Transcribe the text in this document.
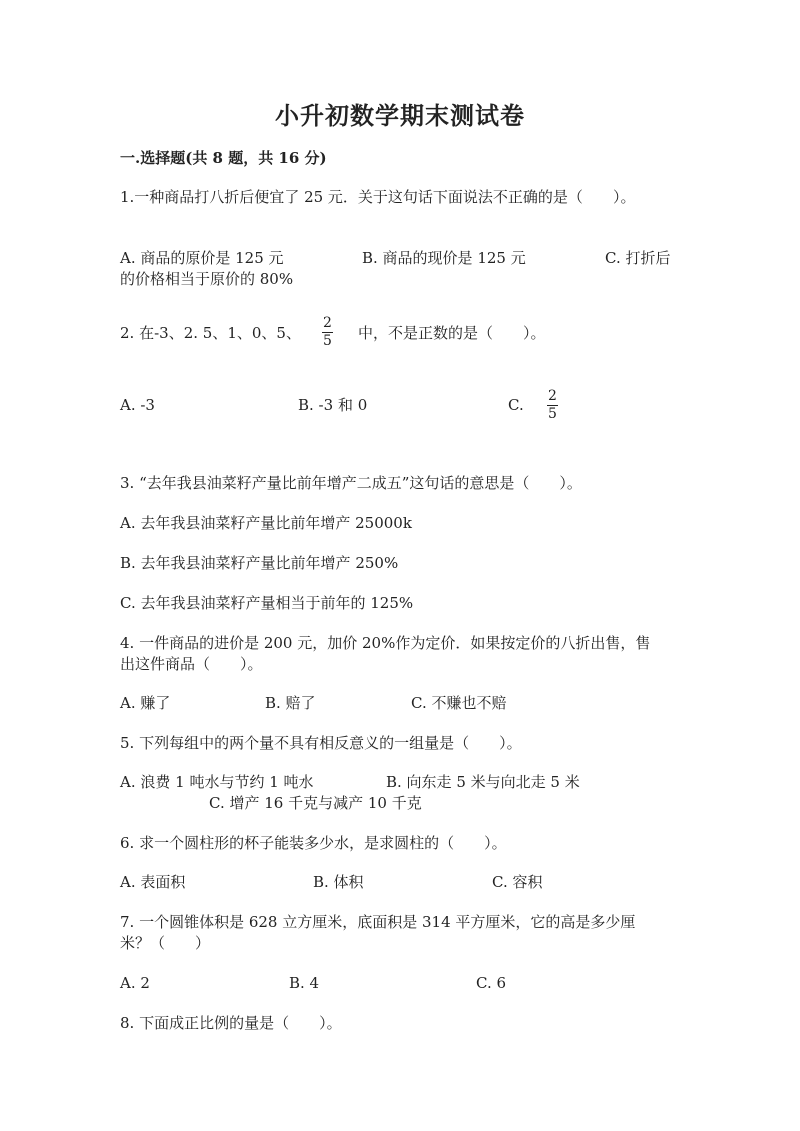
小升初数学期末测试卷
一.选择题(共 8 题，共 16 分)
1.一种商品打八折后便宜了 25 元．关于这句话下面说法不正确的是（　　）。
A. 商品的原价是 125 元	B. 商品的现价是 125 元	C. 打折后
的价格相当于原价的 80%
2. 在-3、2. 5、1、0、5、
2
5 中，不是正数的是（　　）。
A. -3	B. -3 和 0	C. 2
5
3. “去年我县油菜籽产量比前年增产二成五”这句话的意思是（　　）。
A. 去年我县油菜籽产量比前年增产 25000k
B. 去年我县油菜籽产量比前年增产 250%
C. 去年我县油菜籽产量相当于前年的 125%
4. 一件商品的进价是 200 元，加价 20%作为定价．如果按定价的八折出售，售
出这件商品（　　）。
A. 赚了	B. 赔了	C. 不赚也不赔
5. 下列每组中的两个量不具有相反意义的一组量是（　　）。
A. 浪费 1 吨水与节约 1 吨水	B. 向东走 5 米与向北走 5 米
C. 增产 16 千克与减产 10 千克
6. 求一个圆柱形的杯子能装多少水，是求圆柱的（　　）。
A. 表面积	B. 体积	C. 容积
7. 一个圆锥体积是 628 立方厘米，底面积是 314 平方厘米，它的高是多少厘
米？（　　）
A. 2	B. 4	C. 6
8. 下面成正比例的量是（　　）。
